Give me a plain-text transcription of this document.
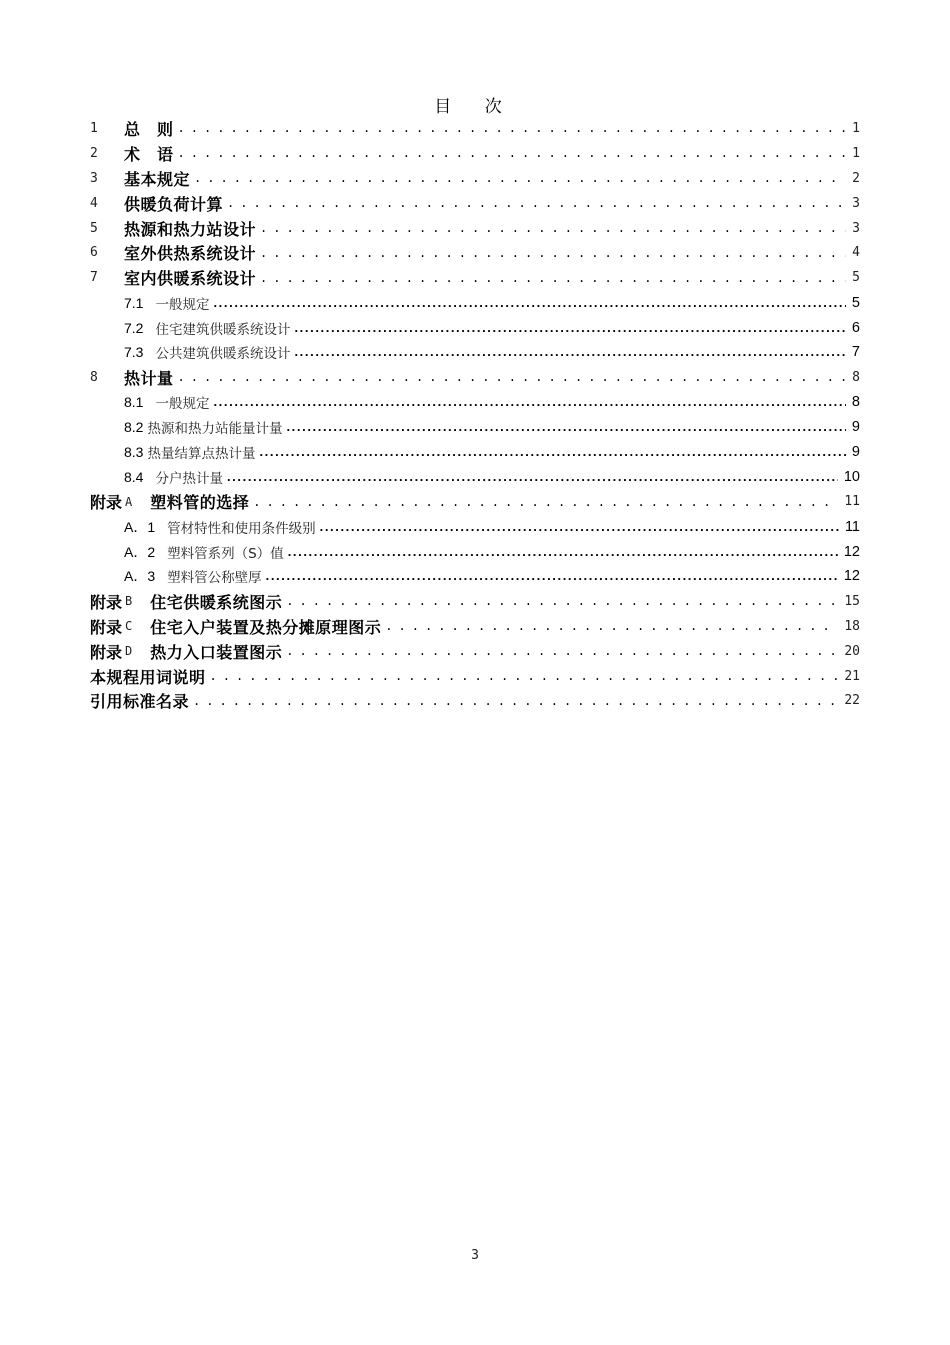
目 次
1	总　则 . . .	1
2	术　语 . . .	1
3	基本规定 . . .	2
4	供暖负荷计算 . . .	3
5	热源和热力站设计 . . .	3
6	室外供热系统设计 . . .	4
7	室内供暖系统设计 . . .	5
7.1 一般规定 .....	5
7.2 住宅建筑供暖系统设计 .....	6
7.3 公共建筑供暖系统设计 .....	7
8	热计量 . . .	8
8.1 一般规定 .....	8
8.2 热源和热力站能量计量 .....	9
8.3 热量结算点热计量 .....	9
8.4 分户热计量 .....	10
附录 A 塑料管的选择 . . .	11
A．1 管材特性和使用条件级别 .....	11
A．2 塑料管系列（S）值 .....	12
A．3 塑料管公称壁厚 .....	12
附录 B 住宅供暖系统图示 . . .	15
附录 C 住宅入户装置及热分摊原理图示 . . .	18
附录 D 热力入口装置图示 . . .	20
本规程用词说明 . . .	21
引用标准名录 . . .	22
3
